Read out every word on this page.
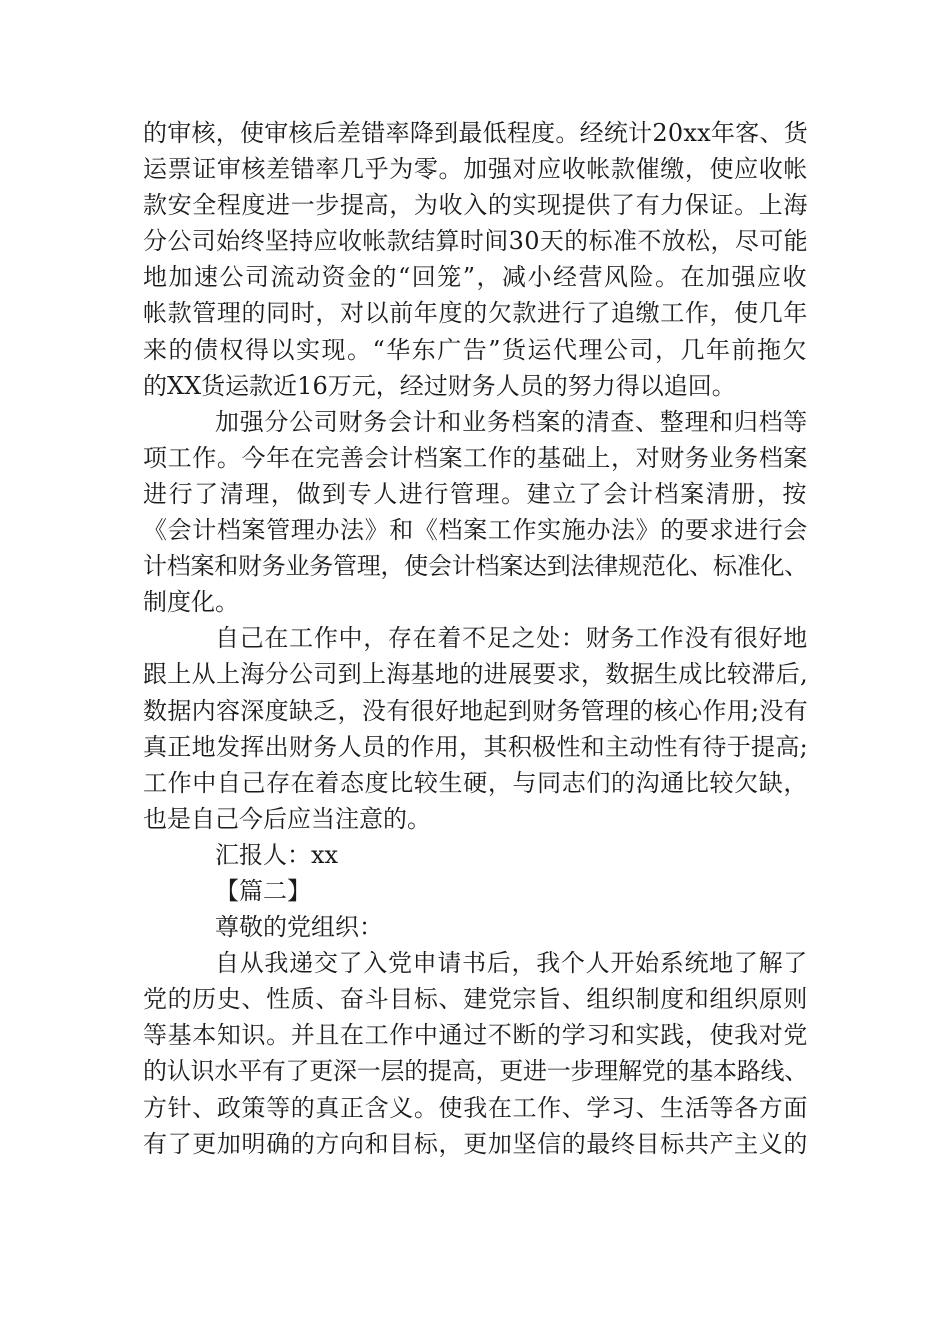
的审核，使审核后差错率降到最低程度。经统计20xx年客、货
运票证审核差错率几乎为零。加强对应收帐款催缴，使应收帐
款安全程度进一步提高，为收入的实现提供了有力保证。上海
分公司始终坚持应收帐款结算时间30天的标准不放松，尽可能
地加速公司流动资金的“回笼”，减小经营风险。在加强应收
帐款管理的同时，对以前年度的欠款进行了追缴工作，使几年
来的债权得以实现。“华东广告”货运代理公司，几年前拖欠
的XX货运款近16万元，经过财务人员的努力得以追回。
加强分公司财务会计和业务档案的清查、整理和归档等
项工作。今年在完善会计档案工作的基础上，对财务业务档案
进行了清理，做到专人进行管理。建立了会计档案清册，按
《会计档案管理办法》和《档案工作实施办法》的要求进行会
计档案和财务业务管理，使会计档案达到法律规范化、标准化、
制度化。
自己在工作中，存在着不足之处：财务工作没有很好地
跟上从上海分公司到上海基地的进展要求，数据生成比较滞后,
数据内容深度缺乏，没有很好地起到财务管理的核心作用;没有
真正地发挥出财务人员的作用，其积极性和主动性有待于提高;
工作中自己存在着态度比较生硬，与同志们的沟通比较欠缺，
也是自己今后应当注意的。
汇报人：xx
【篇二】
尊敬的党组织：
自从我递交了入党申请书后，我个人开始系统地了解了
党的历史、性质、奋斗目标、建党宗旨、组织制度和组织原则
等基本知识。并且在工作中通过不断的学习和实践，使我对党
的认识水平有了更深一层的提高，更进一步理解党的基本路线、
方针、政策等的真正含义。使我在工作、学习、生活等各方面
有了更加明确的方向和目标，更加坚信的最终目标共产主义的
